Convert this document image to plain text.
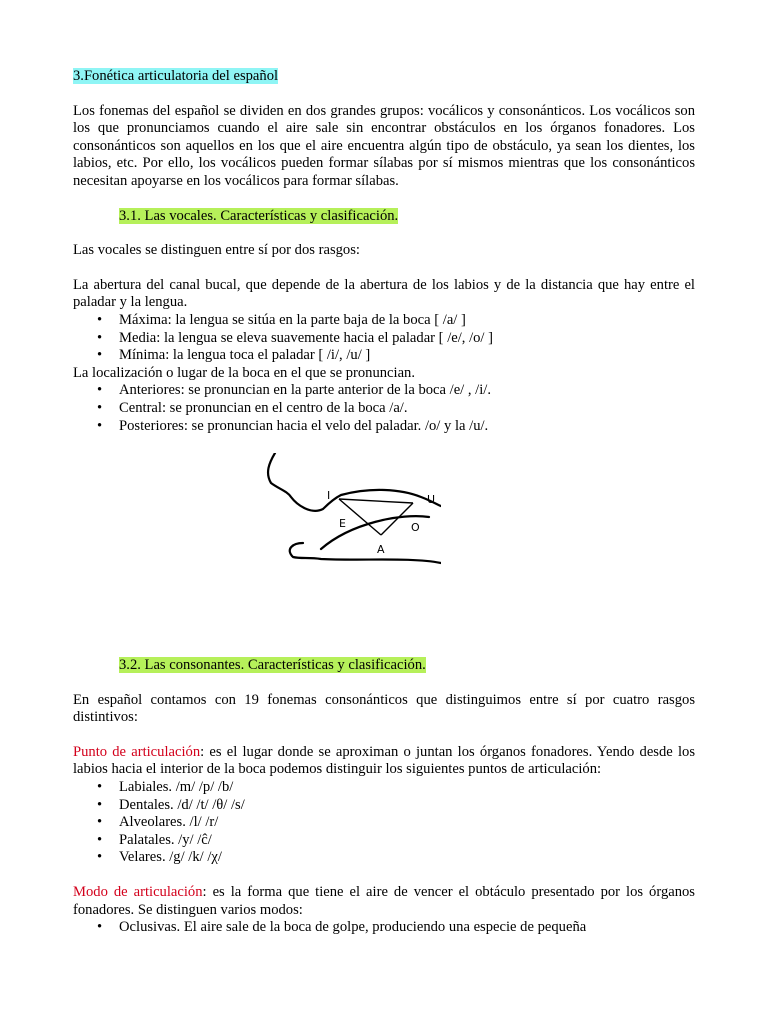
3.Fonética articulatoria del español

Los fonemas del español se dividen en dos grandes grupos: vocálicos y consonánticos. Los vocálicos son los que pronunciamos cuando el aire sale sin encontrar obstáculos en los órganos fonadores. Los consonánticos son aquellos en los que el aire encuentra algún tipo de obstáculo, ya sean los dientes, los labios, etc. Por ello, los vocálicos pueden formar sílabas por sí mismos mientras que los consonánticos necesitan apoyarse en los vocálicos para formar sílabas.

3.1. Las vocales. Características y clasificación.

Las vocales se distinguen entre sí por dos rasgos:

La abertura del canal bucal, que depende de la abertura de los labios y de la distancia que hay entre el paladar y la lengua.

• Máxima: la lengua se sitúa en la parte baja de la boca [ /a/ ]
• Media: la lengua se eleva suavemente hacia el paladar [ /e/, /o/ ]
• Mínima: la lengua toca el paladar [ /i/, /u/ ]

La localización o lugar de la boca en el que se pronuncian.

• Anteriores: se pronuncian en la parte anterior de la boca /e/ , /i/.
• Central: se pronuncian en el centro de la boca /a/.
• Posteriores: se pronuncian hacia el velo del paladar. /o/ y la /u/.
I	U
E	O
A

3.2. Las consonantes. Características y clasificación.

En español contamos con 19 fonemas consonánticos que distinguimos entre sí por cuatro rasgos distintivos:

Punto de articulación: es el lugar donde se aproximan o juntan los órganos fonadores. Yendo desde los labios hacia el interior de la boca podemos distinguir los siguientes puntos de articulación:

• Labiales. /m/ /p/ /b/
• Dentales. /d/ /t/ /θ/ /s/
• Alveolares. /l/ /r/
• Palatales. /y/ /ĉ/
• Velares. /g/ /k/ /χ/

Modo de articulación: es la forma que tiene el aire de vencer el obtáculo presentado por los órganos fonadores. Se distinguen varios modos:

• Oclusivas. El aire sale de la boca de golpe, produciendo una especie de pequeña
